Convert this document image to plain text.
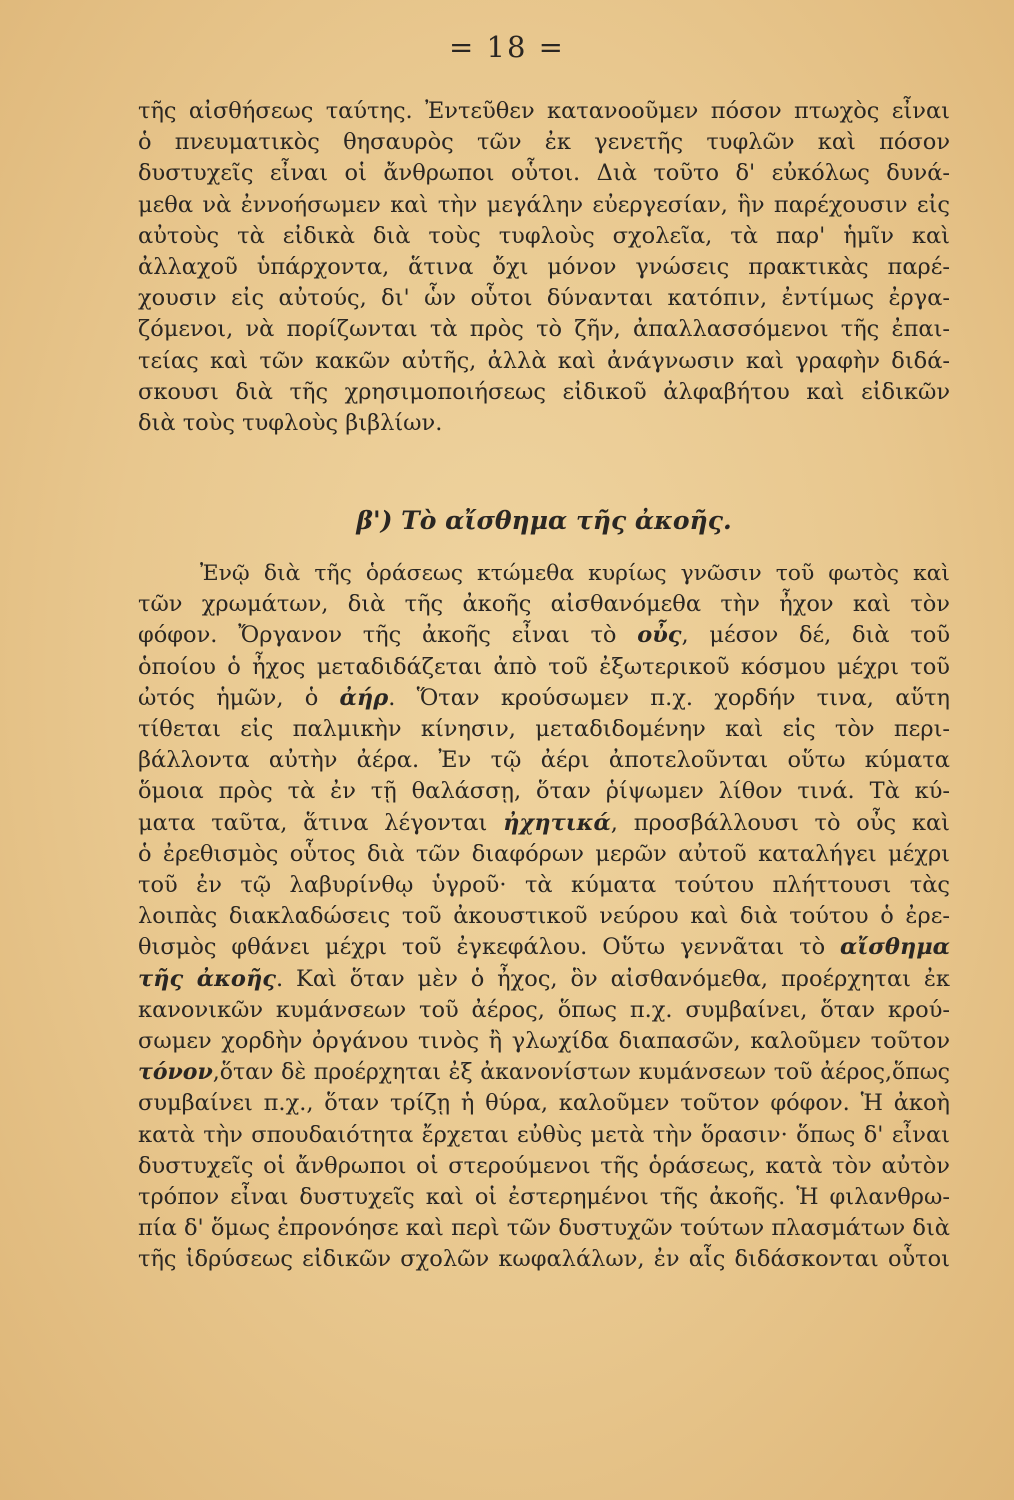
= 18 =
τῆς αἰσθήσεως ταύτης. Ἐντεῦθεν κατανοοῦμεν πόσον πτωχὸς εἶναι
ὁ πνευματικὸς θησαυρὸς τῶν ἐκ γενετῆς τυφλῶν καὶ πόσον
δυστυχεῖς εἶναι οἱ ἄνθρωποι οὗτοι. Διὰ τοῦτο δ' εὐκόλως δυνά-
μεθα νὰ ἐννοήσωμεν καὶ τὴν μεγάλην εὐεργεσίαν, ἣν παρέχουσιν εἰς
αὐτοὺς τὰ εἰδικὰ διὰ τοὺς τυφλοὺς σχολεῖα, τὰ παρ' ἡμῖν καὶ
ἀλλαχοῦ ὑπάρχοντα, ἅτινα ὄχι μόνον γνώσεις πρακτικὰς παρέ-
χουσιν εἰς αὐτούς, δι' ὧν οὗτοι δύνανται κατόπιν, ἐντίμως ἐργα-
ζόμενοι, νὰ πορίζωνται τὰ πρὸς τὸ ζῆν, ἀπαλλασσόμενοι τῆς ἐπαι-
τείας καὶ τῶν κακῶν αὐτῆς, ἀλλὰ καὶ ἀνάγνωσιν καὶ γραφὴν διδά-
σκουσι διὰ τῆς χρησιμοποιήσεως εἰδικοῦ ἀλφαβήτου καὶ εἰδικῶν
διὰ τοὺς τυφλοὺς βιβλίων.
β') Τὸ αἴσθημα τῆς ἀκοῆς.
Ἐνῷ διὰ τῆς ὁράσεως κτώμεθα κυρίως γνῶσιν τοῦ φωτὸς καὶ
τῶν χρωμάτων, διὰ τῆς ἀκοῆς αἰσθανόμεθα τὴν ἦχον καὶ τὸν
φόφον. Ὄργανον τῆς ἀκοῆς εἶναι τὸ οὖς, μέσον δέ, διὰ τοῦ
ὁποίου ὁ ἦχος μεταδιδάζεται ἀπὸ τοῦ ἐξωτερικοῦ κόσμου μέχρι τοῦ
ὠτός ἡμῶν, ὁ ἀήρ. Ὅταν κρούσωμεν π.χ. χορδήν τινα, αὕτη
τίθεται εἰς παλμικὴν κίνησιν, μεταδιδομένην καὶ εἰς τὸν περι-
βάλλοντα αὐτὴν ἀέρα. Ἐν τῷ ἀέρι ἀποτελοῦνται οὕτω κύματα
ὅμοια πρὸς τὰ ἐν τῇ θαλάσσῃ, ὅταν ῥίψωμεν λίθον τινά. Τὰ κύ-
ματα ταῦτα, ἅτινα λέγονται ἠχητικά, προσβάλλουσι τὸ οὖς καὶ
ὁ ἐρεθισμὸς οὗτος διὰ τῶν διαφόρων μερῶν αὐτοῦ καταλήγει μέχρι
τοῦ ἐν τῷ λαβυρίνθῳ ὑγροῦ· τὰ κύματα τούτου πλήττουσι τὰς
λοιπὰς διακλαδώσεις τοῦ ἀκουστικοῦ νεύρου καὶ διὰ τούτου ὁ ἐρε-
θισμὸς φθάνει μέχρι τοῦ ἐγκεφάλου. Οὕτω γεννᾶται τὸ αἴσθημα
τῆς ἀκοῆς. Καὶ ὅταν μὲν ὁ ἦχος, ὃν αἰσθανόμεθα, προέρχηται ἐκ
κανονικῶν κυμάνσεων τοῦ ἀέρος, ὅπως π.χ. συμβαίνει, ὅταν κρού-
σωμεν χορδὴν ὀργάνου τινὸς ἢ γλωχίδα διαπασῶν, καλοῦμεν τοῦτον
τόνον,ὅταν δὲ προέρχηται ἐξ ἀκανονίστων κυμάνσεων τοῦ ἀέρος,ὅπως
συμβαίνει π.χ., ὅταν τρίζῃ ἡ θύρα, καλοῦμεν τοῦτον φόφον. Ἡ ἀκοὴ
κατὰ τὴν σπουδαιότητα ἔρχεται εὐθὺς μετὰ τὴν ὅρασιν· ὅπως δ' εἶναι
δυστυχεῖς οἱ ἄνθρωποι οἱ στερούμενοι τῆς ὁράσεως, κατὰ τὸν αὐτὸν
τρόπον εἶναι δυστυχεῖς καὶ οἱ ἐστερημένοι τῆς ἀκοῆς. Ἡ φιλανθρω-
πία δ' ὅμως ἐπρονόησε καὶ περὶ τῶν δυστυχῶν τούτων πλασμάτων διὰ
τῆς ἱδρύσεως εἰδικῶν σχολῶν κωφαλάλων, ἐν αἷς διδάσκονται οὗτοι
